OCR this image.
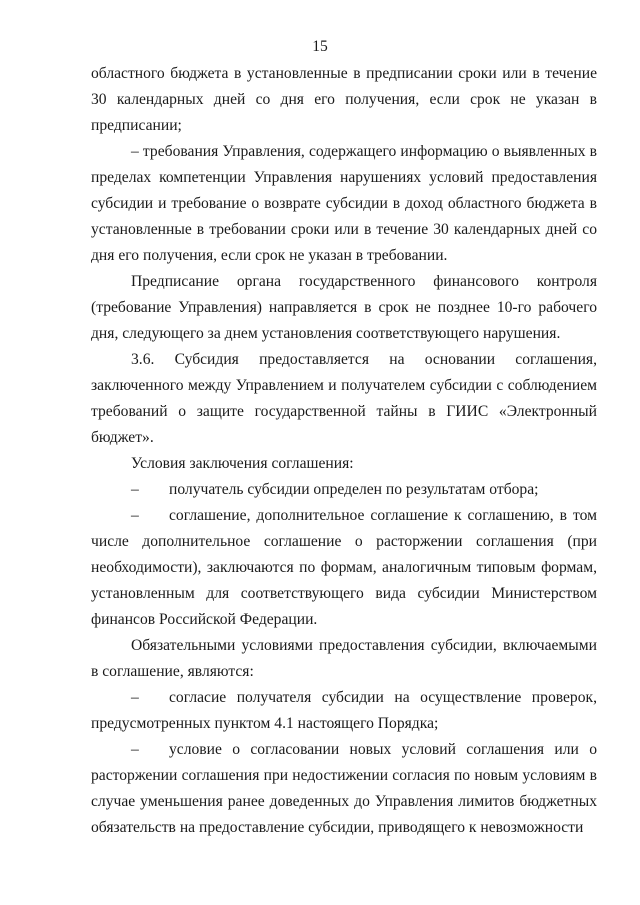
15

областного бюджета в установленные в предписании сроки или в течение 30 календарных дней со дня его получения, если срок не указан в предписании;

– требования Управления, содержащего информацию о выявленных в пределах компетенции Управления нарушениях условий предоставления субсидии и требование о возврате субсидии в доход областного бюджета в установленные в требовании сроки или в течение 30 календарных дней со дня его получения, если срок не указан в требовании.

Предписание органа государственного финансового контроля (требование Управления) направляется в срок не позднее 10-го рабочего дня, следующего за днем установления соответствующего нарушения.

3.6. Субсидия предоставляется на основании соглашения, заключенного между Управлением и получателем субсидии с соблюдением требований о защите государственной тайны в ГИИС «Электронный бюджет».

Условия заключения соглашения:

– получатель субсидии определен по результатам отбора;

– соглашение, дополнительное соглашение к соглашению, в том числе дополнительное соглашение о расторжении соглашения (при необходимости), заключаются по формам, аналогичным типовым формам, установленным для соответствующего вида субсидии Министерством финансов Российской Федерации.

Обязательными условиями предоставления субсидии, включаемыми в соглашение, являются:

– согласие получателя субсидии на осуществление проверок, предусмотренных пунктом 4.1 настоящего Порядка;

– условие о согласовании новых условий соглашения или о расторжении соглашения при недостижении согласия по новым условиям в случае уменьшения ранее доведенных до Управления лимитов бюджетных обязательств на предоставление субсидии, приводящего к невозможности
